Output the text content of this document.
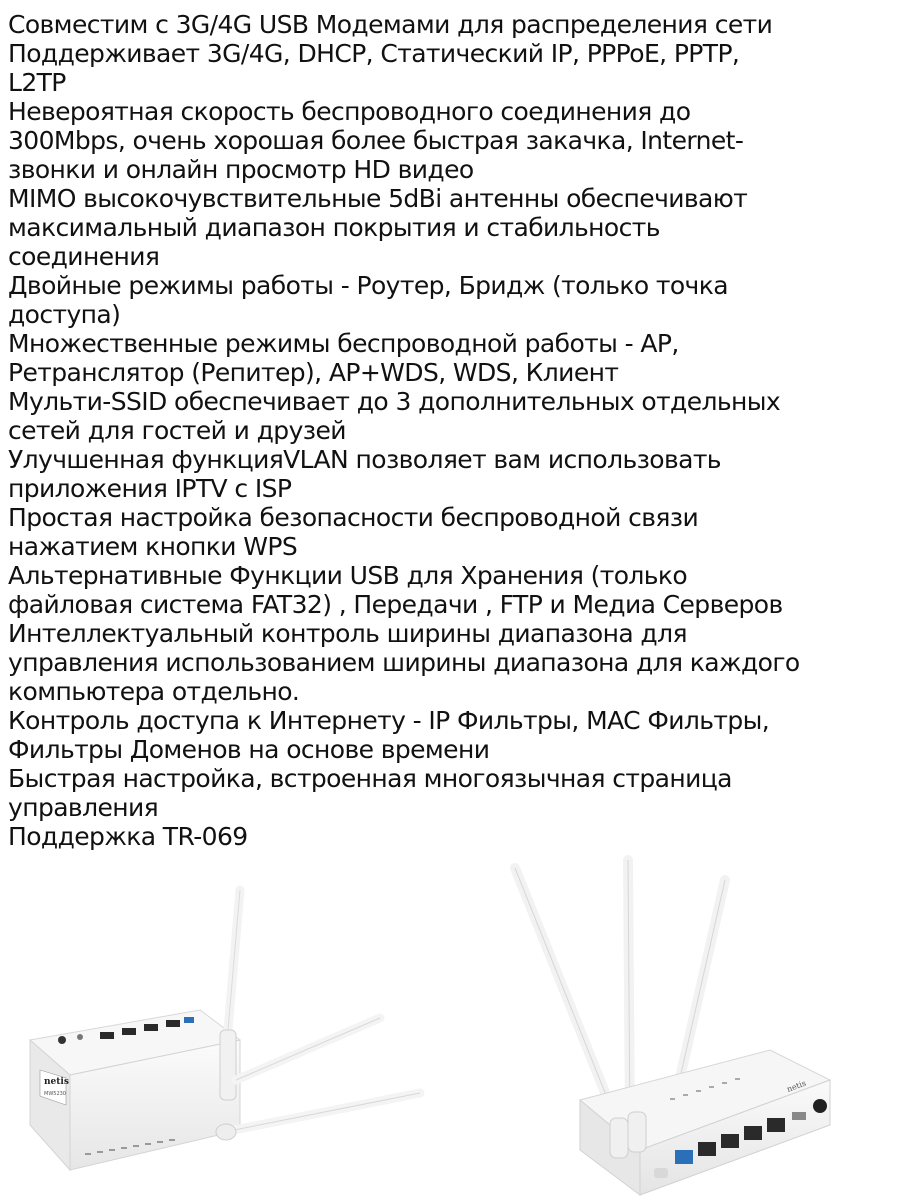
Совместим с 3G/4G USB Модемами для распределения сети
Поддерживает 3G/4G, DHCP, Статический IP, PPPoE, PPTP,
L2TP
Невероятная скорость беспроводного соединения до
300Mbps, очень хорошая более быстрая закачка, Internet-
звонки и онлайн просмотр HD видео
MIMO высокочувствительные 5dBi антенны обеспечивают
максимальный диапазон покрытия и стабильность
соединения
Двойные режимы работы - Роутер, Бридж (только точка
доступа)
Множественные режимы беспроводной работы - AP,
Ретранслятор (Репитер), AP+WDS, WDS, Клиент
Мульти-SSID обеспечивает до 3 дополнительных отдельных
сетей для гостей и друзей
Улучшенная функцияVLAN позволяет вам использовать
приложения IPTV с ISP
Простая настройка безопасности беспроводной связи
нажатием кнопки WPS
Альтернативные Функции USB для Хранения (только
файловая система FAT32) , Передачи , FTP и Медиа Серверов
Интеллектуальный контроль ширины диапазона для
управления использованием ширины диапазона для каждого
компьютера отдельно.
Контроль доступа к Интернету - IP Фильтры, MAC Фильтры,
Фильтры Доменов на основе времени
Быстрая настройка, встроенная многоязычная страница
управления
Поддержка TR-069
netis
MW5230
netis
